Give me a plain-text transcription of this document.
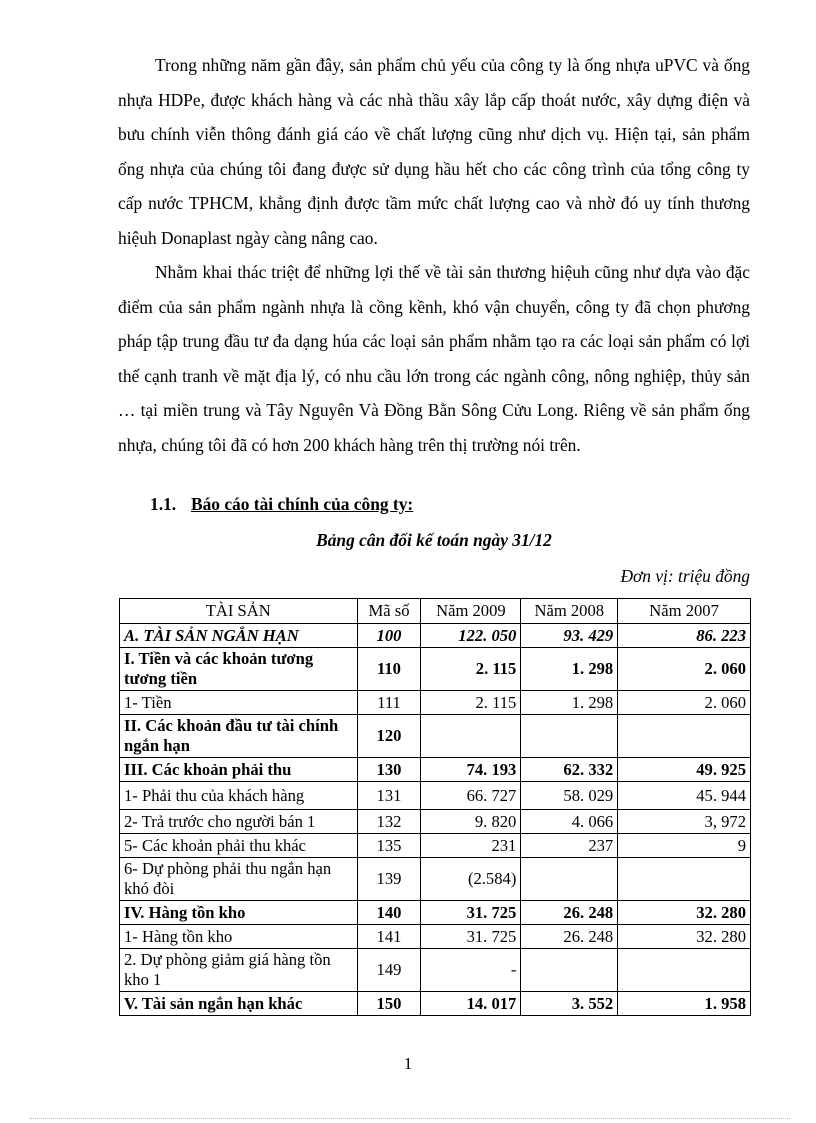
Trong những năm gần đây, sản phẩm chủ yếu của công ty là ống nhựa uPVC và ống nhựa HDPe, được khách hàng và các nhà thầu xây lắp cấp thoát nước, xây dựng điện và bưu chính viễn thông đánh giá cáo về chất lượng cũng như dịch vụ. Hiện tại, sản phẩm ống nhựa của chúng tôi đang được sử dụng hầu hết cho các công trình của tổng công ty cấp nước TPHCM, khẳng định được tầm mức chất lượng cao và nhờ đó uy tính thương hiệuh Donaplast ngày càng nâng cao.

Nhằm khai thác triệt để những lợi thế về tài sản thương hiệuh cũng như dựa vào đặc điểm của sản phẩm ngành nhựa là cồng kềnh, khó vận chuyển, công ty đã chọn phương pháp tập trung đầu tư đa dạng húa các loại sản phẩm nhằm tạo ra các loại sản phẩm có lợi thế cạnh tranh về mặt địa lý, có nhu cầu lớn trong các ngành công, nông nghiệp, thủy sản … tại miền trung và Tây Nguyên Và Đồng Bằn Sông Cửu Long. Riêng về sản phẩm ống nhựa, chúng tôi đã có hơn 200 khách hàng trên thị trường nói trên.

1.1. Báo cáo tài chính của công ty:
Bảng cân đối kế toán ngày 31/12
Đơn vị: triệu đồng
TÀI SẢN	Mã số	Năm 2009	Năm 2008	Năm 2007
A. TÀI SẢN NGẮN HẠN	100	122. 050	93. 429	86. 223
I. Tiền và các khoản tương tương tiền	110	2. 115	1. 298	2. 060
1- Tiền	111	2. 115	1. 298	2. 060
II. Các khoản đầu tư tài chính ngắn hạn	120			
III. Các khoản phải thu	130	74. 193	62. 332	49. 925
1- Phải thu của khách hàng	131	66. 727	58. 029	45. 944
2- Trả trước cho người bán 1	132	9. 820	4. 066	3, 972
5- Các khoản phải thu khác	135	231	237	9
6- Dự phòng phải thu ngắn hạn khó đòi	139	(2.584)		
IV. Hàng tồn kho	140	31. 725	26. 248	32. 280
1- Hàng tồn kho	141	31. 725	26. 248	32. 280
2. Dự phòng giảm giá hàng tồn kho 1	149	-		
V. Tài sản ngắn hạn khác	150	14. 017	3. 552	1. 958
1
